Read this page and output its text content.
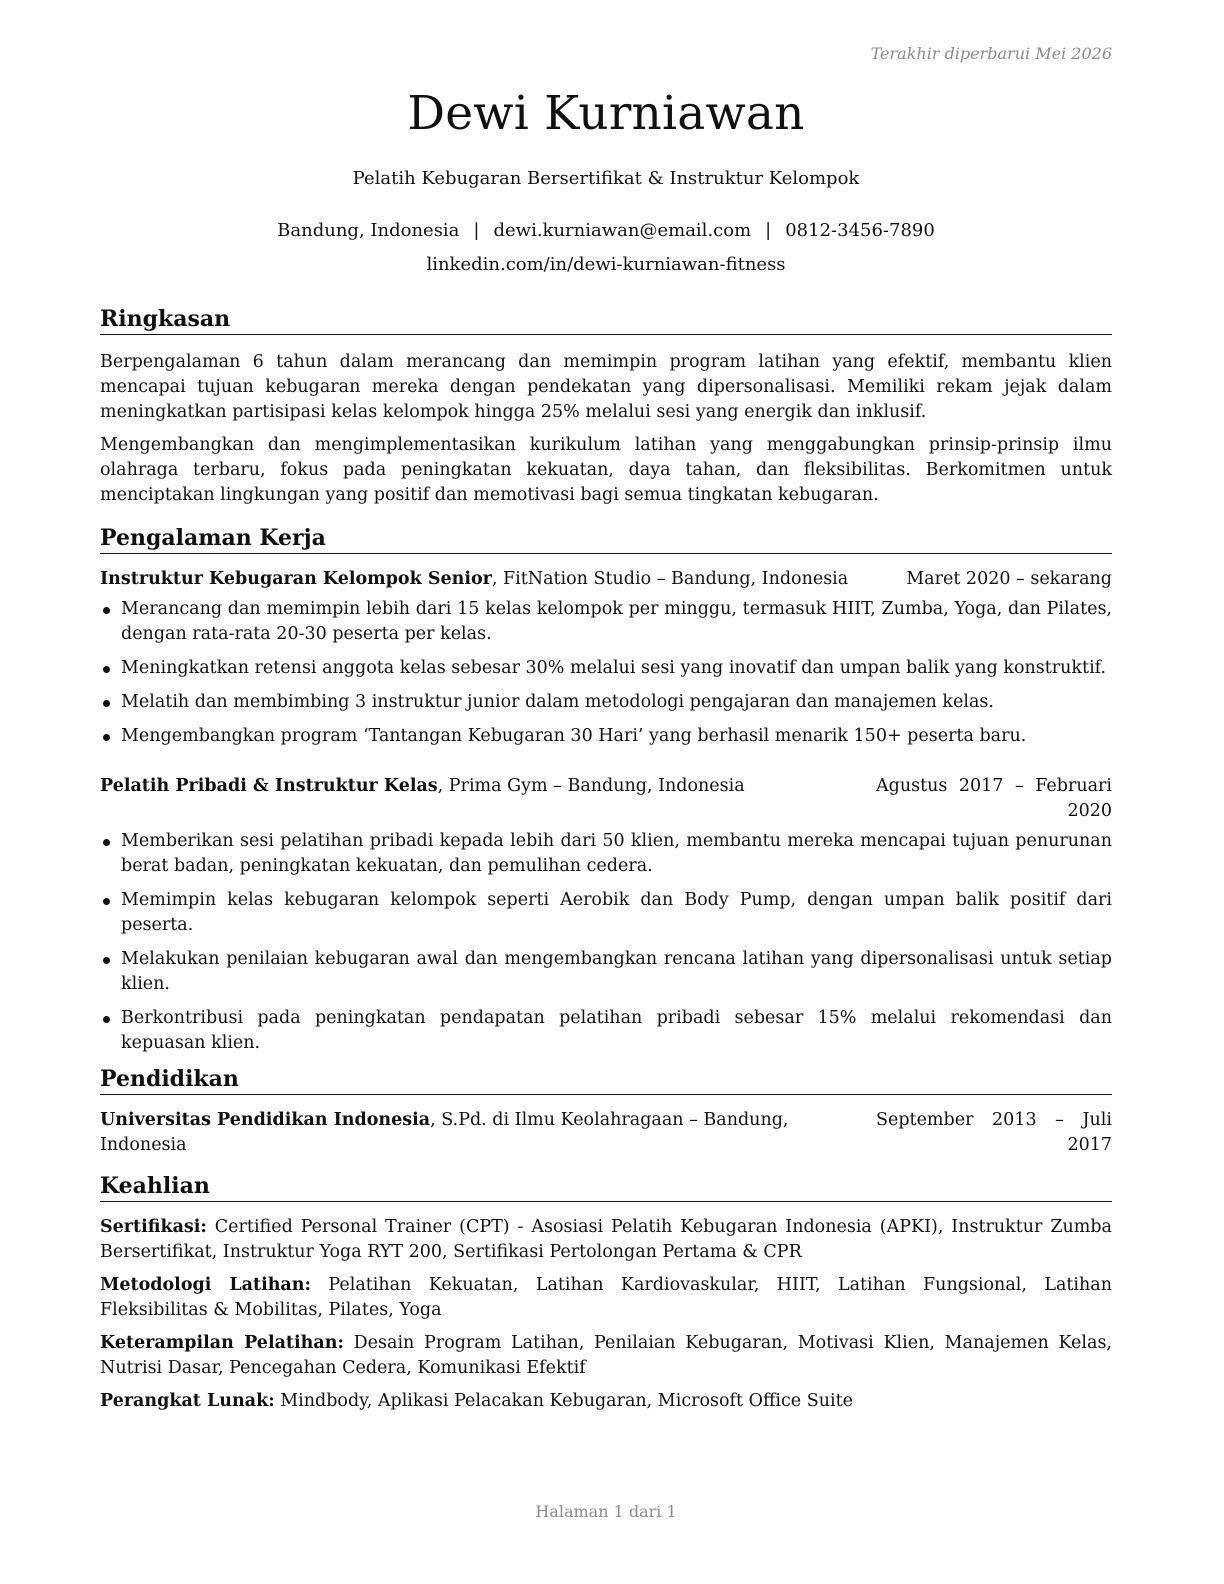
Terakhir diperbarui Mei 2026
Dewi Kurniawan
Pelatih Kebugaran Bersertifikat & Instruktur Kelompok
Bandung, Indonesia | dewi.kurniawan@email.com | 0812-3456-7890
linkedin.com/in/dewi-kurniawan-fitness
Ringkasan

Berpengalaman 6 tahun dalam merancang dan memimpin program latihan yang efektif, membantu klien mencapai tujuan kebugaran mereka dengan pendekatan yang dipersonalisasi. Memiliki rekam jejak dalam meningkatkan partisipasi kelas kelompok hingga 25% melalui sesi yang energik dan inklusif.

Mengembangkan dan mengimplementasikan kurikulum latihan yang menggabungkan prinsip-prinsip ilmu olahraga terbaru, fokus pada peningkatan kekuatan, daya tahan, dan fleksibilitas. Berkomitmen untuk menciptakan lingkungan yang positif dan memotivasi bagi semua tingkatan kebugaran.

Pengalaman Kerja
Instruktur Kebugaran Kelompok Senior, FitNation Studio – Bandung, Indonesia	Maret 2020 – sekarang
Merancang dan memimpin lebih dari 15 kelas kelompok per minggu, termasuk HIIT, Zumba, Yoga, dan Pilates, dengan rata-rata 20-30 peserta per kelas.
Meningkatkan retensi anggota kelas sebesar 30% melalui sesi yang inovatif dan umpan balik yang konstruktif.
Melatih dan membimbing 3 instruktur junior dalam metodologi pengajaran dan manajemen kelas.
Mengembangkan program ‘Tantangan Kebugaran 30 Hari’ yang berhasil menarik 150+ peserta baru.
Pelatih Pribadi & Instruktur Kelas, Prima Gym – Bandung, Indonesia	Agustus 2017 – Februari 2020
Memberikan sesi pelatihan pribadi kepada lebih dari 50 klien, membantu mereka mencapai tujuan penurunan berat badan, peningkatan kekuatan, dan pemulihan cedera.
Memimpin kelas kebugaran kelompok seperti Aerobik dan Body Pump, dengan umpan balik positif dari peserta.
Melakukan penilaian kebugaran awal dan mengembangkan rencana latihan yang dipersonalisasi untuk setiap klien.
Berkontribusi pada peningkatan pendapatan pelatihan pribadi sebesar 15% melalui rekomendasi dan kepuasan klien.
Pendidikan
Universitas Pendidikan Indonesia, S.Pd. di Ilmu Keolahragaan – Bandung, Indonesia
September 2013 – Juli 2017
Keahlian

Sertifikasi: Certified Personal Trainer (CPT) - Asosiasi Pelatih Kebugaran Indonesia (APKI), Instruktur Zumba Bersertifikat, Instruktur Yoga RYT 200, Sertifikasi Pertolongan Pertama & CPR

Metodologi Latihan: Pelatihan Kekuatan, Latihan Kardiovaskular, HIIT, Latihan Fungsional, Latihan Fleksibilitas & Mobilitas, Pilates, Yoga

Keterampilan Pelatihan: Desain Program Latihan, Penilaian Kebugaran, Motivasi Klien, Manajemen Kelas, Nutrisi Dasar, Pencegahan Cedera, Komunikasi Efektif

Perangkat Lunak: Mindbody, Aplikasi Pelacakan Kebugaran, Microsoft Office Suite

Halaman 1 dari 1
